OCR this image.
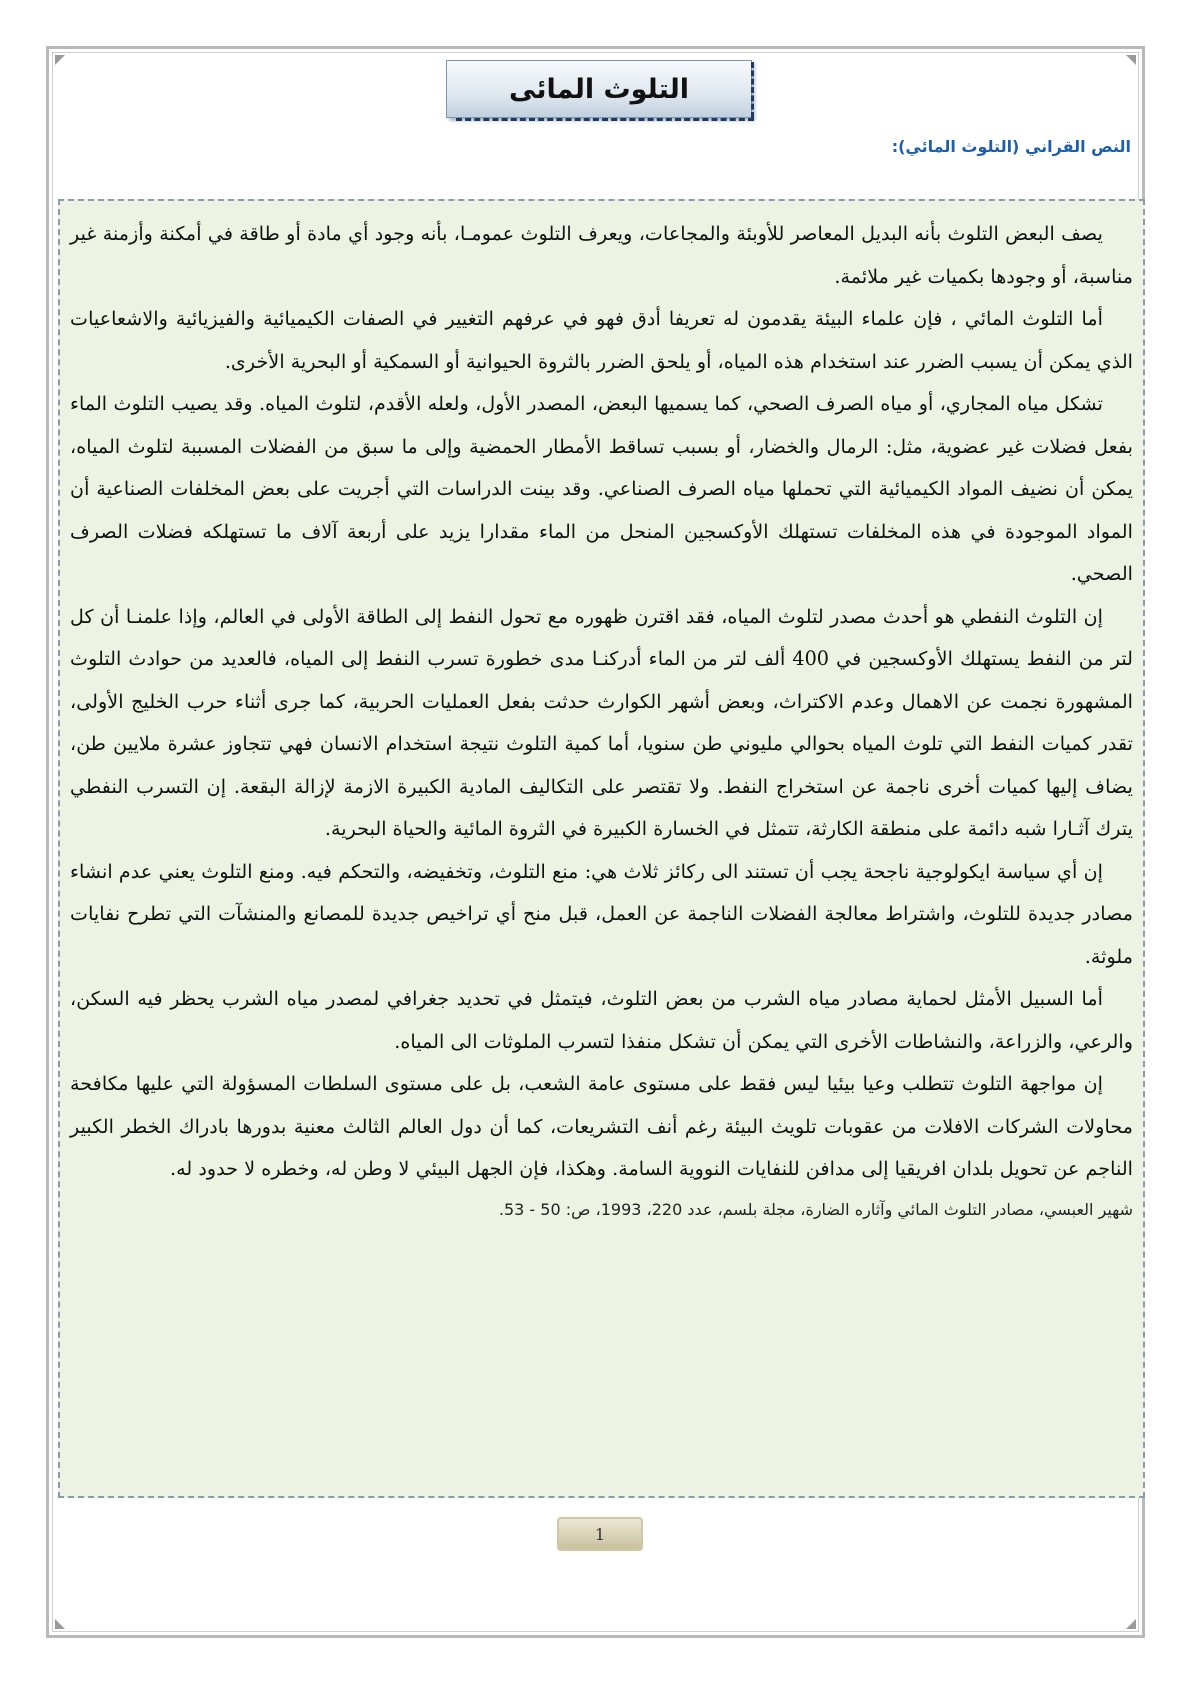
التلوث المائى
النص القراني (التلوث المائي):

يصف البعض التلوث بأنه البديل المعاصر للأوبئة والمجاعات، ويعرف التلوث عمومـا، بأنه وجود أي مادة أو طاقة في أمكنة وأزمنة غير مناسبة، أو وجودها بكميات غير ملائمة.

أما التلوث المائي ، فإن علماء البيئة يقدمون له تعريفا أدق فهو في عرفهم التغيير في الصفات الكيميائية والفيزيائية والاشعاعيات الذي يمكن أن يسبب الضرر عند استخدام هذه المياه، أو يلحق الضرر بالثروة الحيوانية أو السمكية أو البحرية الأخرى.

تشكل مياه المجاري، أو مياه الصرف الصحي، كما يسميها البعض، المصدر الأول، ولعله الأقدم، لتلوث المياه. وقد يصيب التلوث الماء بفعل فضلات غير عضوية، مثل: الرمال والخضار، أو بسبب تساقط الأمطار الحمضية وإلى ما سبق من الفضلات المسببة لتلوث المياه، يمكن أن نضيف المواد الكيميائية التي تحملها مياه الصرف الصناعي. وقد بينت الدراسات التي أجريت على بعض المخلفات الصناعية أن المواد الموجودة في هذه المخلفات تستهلك الأوكسجين المنحل من الماء مقدارا يزيد على أربعة آلاف ما تستهلكه فضلات الصرف الصحي.

إن التلوث النفطي هو أحدث مصدر لتلوث المياه، فقد اقترن ظهوره مع تحول النفط إلى الطاقة الأولى في العالم، وإذا علمنـا أن كل لتر من النفط يستهلك الأوكسجين في 400 ألف لتر من الماء أدركنـا مدى خطورة تسرب النفط إلى المياه، فالعديد من حوادث التلوث المشهورة نجمت عن الاهمال وعدم الاكتراث، وبعض أشهر الكوارث حدثت بفعل العمليات الحربية، كما جرى أثناء حرب الخليج الأولى، تقدر كميات النفط التي تلوث المياه بحوالي مليوني طن سنويا، أما كمية التلوث نتيجة استخدام الانسان فهي تتجاوز عشرة ملايين طن، يضاف إليها كميات أخرى ناجمة عن استخراج النفط. ولا تقتصر على التكاليف المادية الكبيرة الازمة لإزالة البقعة. إن التسرب النفطي يترك آثـارا شبه دائمة على منطقة الكارثة، تتمثل في الخسارة الكبيرة في الثروة المائية والحياة البحرية.

إن أي سياسة ايكولوجية ناجحة يجب أن تستند الى ركائز ثلاث هي: منع التلوث، وتخفيضه، والتحكم فيه. ومنع التلوث يعني عدم انشاء مصادر جديدة للتلوث، واشتراط معالجة الفضلات الناجمة عن العمل، قبل منح أي تراخيص جديدة للمصانع والمنشآت التي تطرح نفايات ملوثة.

أما السبيل الأمثل لحماية مصادر مياه الشرب من بعض التلوث، فيتمثل في تحديد جغرافي لمصدر مياه الشرب يحظر فيه السكن، والرعي، والزراعة، والنشاطات الأخرى التي يمكن أن تشكل منفذا لتسرب الملوثات الى المياه.

إن مواجهة التلوث تتطلب وعيا بيئيا ليس فقط على مستوى عامة الشعب، بل على مستوى السلطات المسؤولة التي عليها مكافحة محاولات الشركات الافلات من عقوبات تلويث البيئة رغم أنف التشريعات، كما أن دول العالم الثالث معنية بدورها بادراك الخطر الكبير الناجم عن تحويل بلدان افريقيا إلى مدافن للنفايات النووية السامة. وهكذا، فإن الجهل البيئي لا وطن له، وخطره لا حدود له.

شهير العبسي، مصادر التلوث المائي وآثاره الضارة، مجلة بلسم، عدد 220، 1993، ص: 50 - 53.

1
